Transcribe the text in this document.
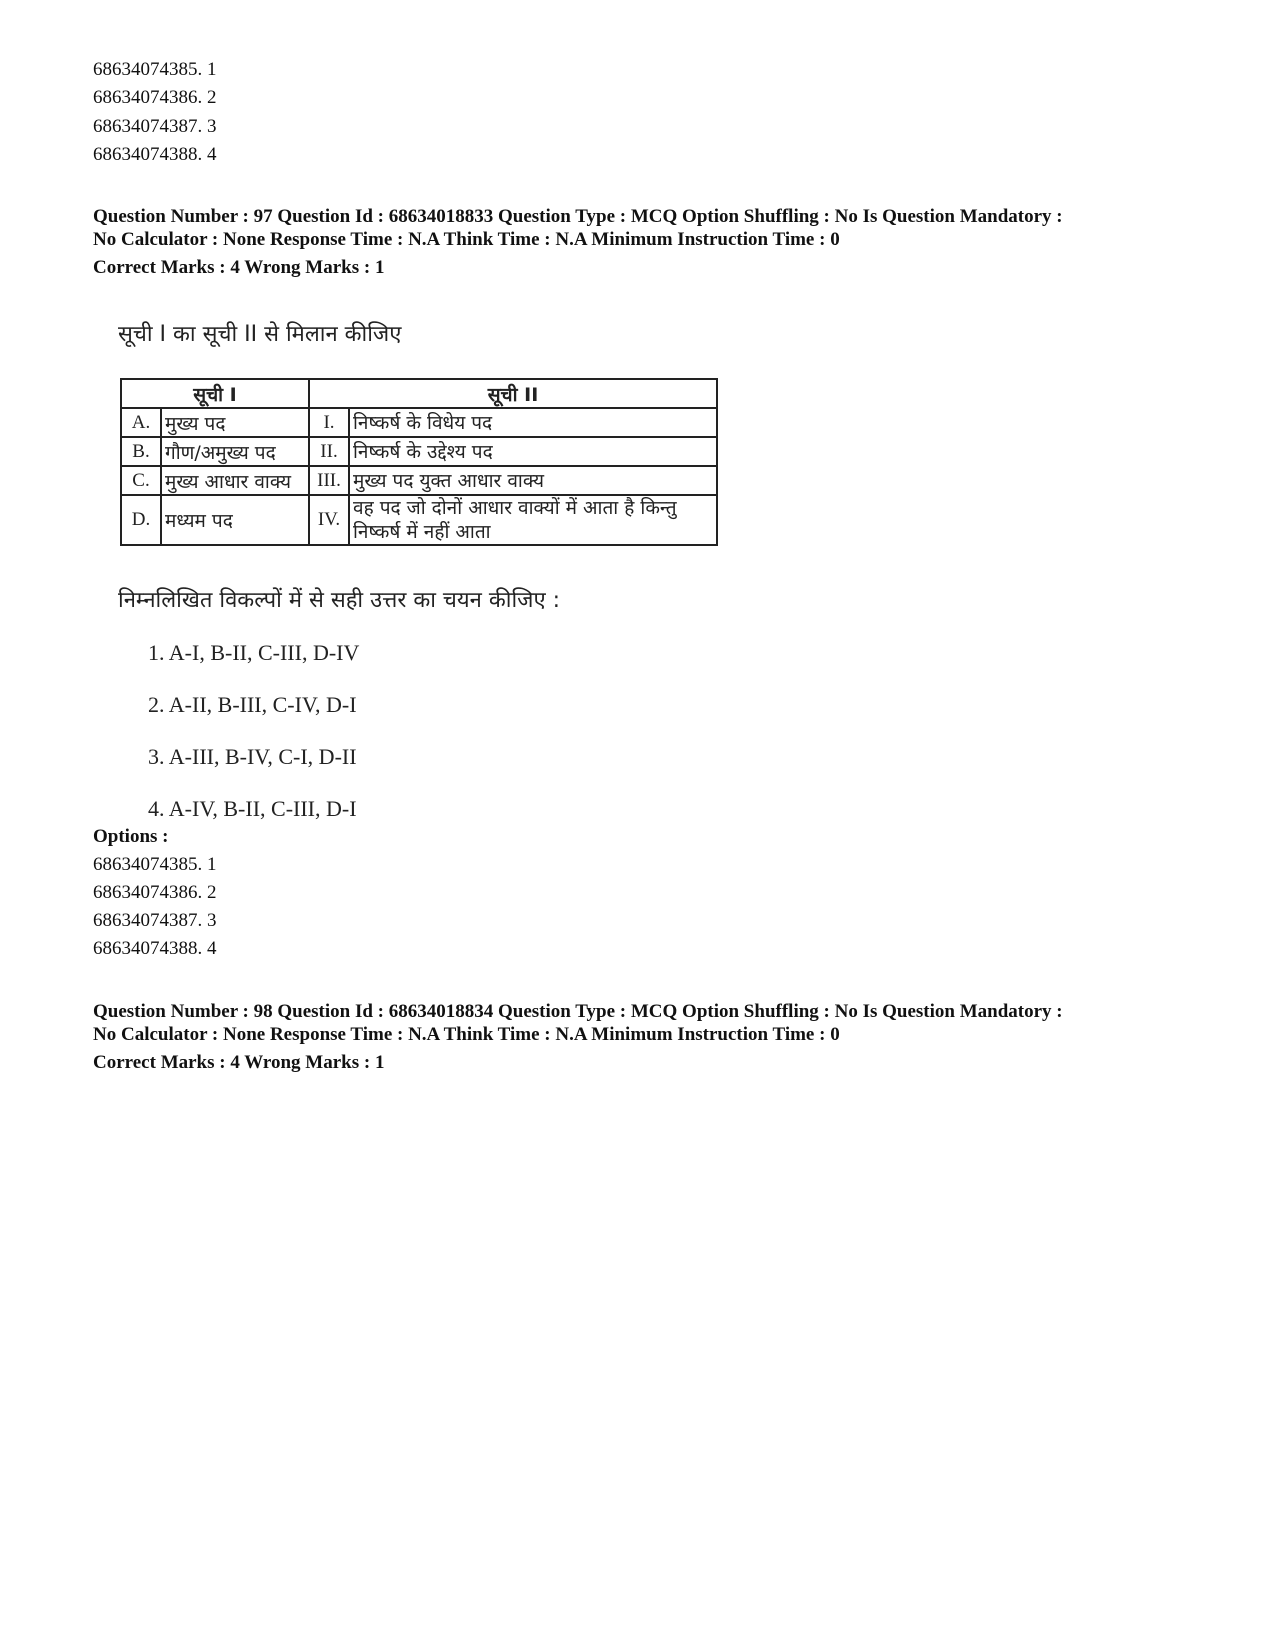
68634074385. 1
68634074386. 2
68634074387. 3
68634074388. 4
Question Number : 97 Question Id : 68634018833 Question Type : MCQ Option Shuffling : No Is Question Mandatory :
No Calculator : None Response Time : N.A Think Time : N.A Minimum Instruction Time : 0
Correct Marks : 4 Wrong Marks : 1
सूची I का सूची II से मिलान कीजिए
सूची I		सूची II	
A.	मुख्य पद	I.	निष्कर्ष के विधेय पद
B.	गौण/अमुख्य पद	II.	निष्कर्ष के उद्देश्य पद
C.	मुख्य आधार वाक्य	III.	मुख्य पद युक्त आधार वाक्य
D.	मध्यम पद	IV.	वह पद जो दोनों आधार वाक्यों में आता है किन्तु निष्कर्ष में नहीं आता
निम्नलिखित विकल्पों में से सही उत्तर का चयन कीजिए :
1. A-I, B-II, C-III, D-IV
2. A-II, B-III, C-IV, D-I
3. A-III, B-IV, C-I, D-II
4. A-IV, B-II, C-III, D-I
Options :
68634074385. 1
68634074386. 2
68634074387. 3
68634074388. 4
Question Number : 98 Question Id : 68634018834 Question Type : MCQ Option Shuffling : No Is Question Mandatory :
No Calculator : None Response Time : N.A Think Time : N.A Minimum Instruction Time : 0
Correct Marks : 4 Wrong Marks : 1
